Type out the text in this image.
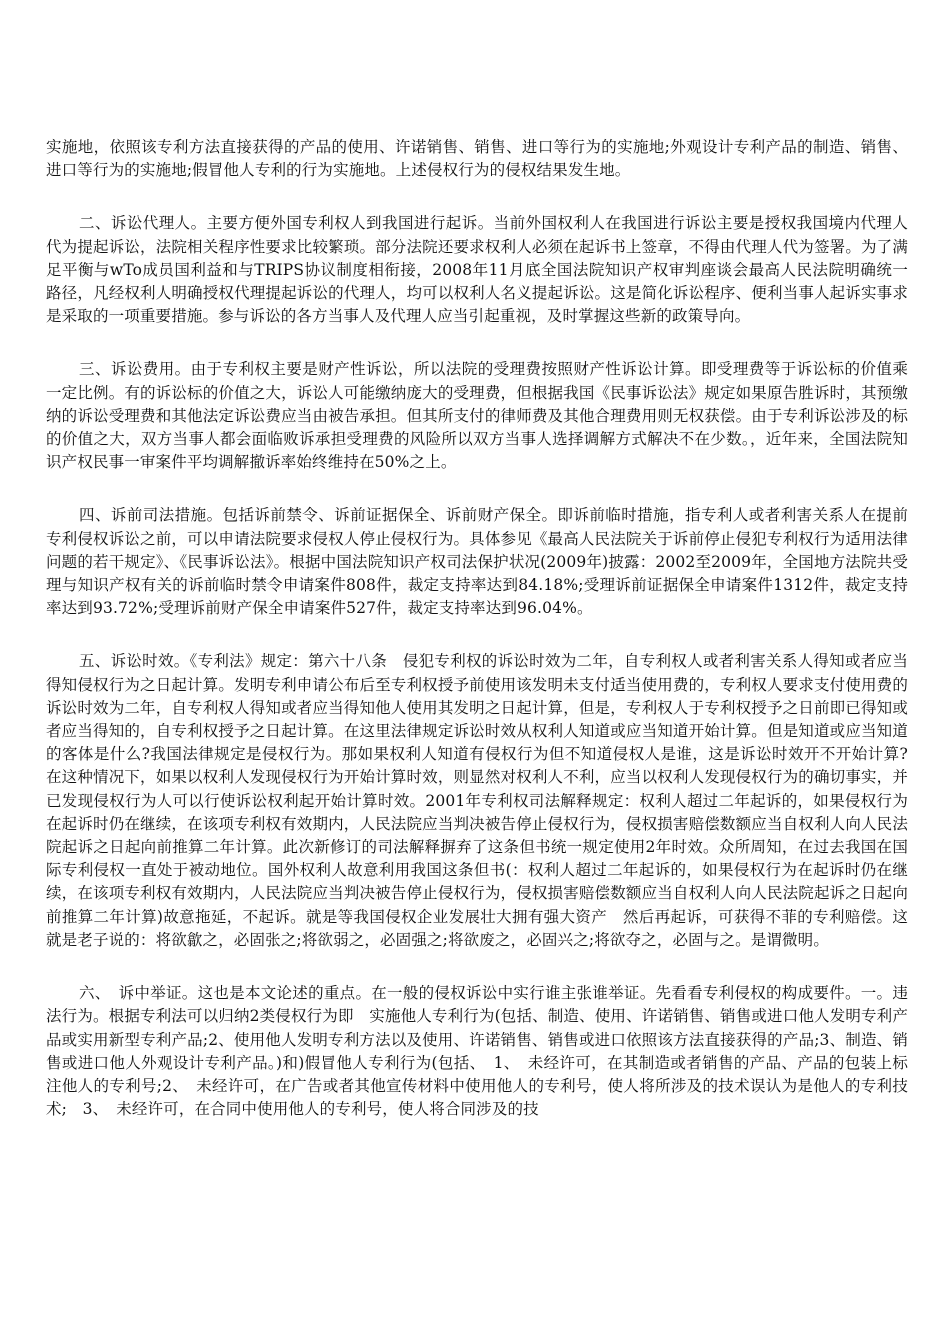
实施地，依照该专利方法直接获得的产品的使用、许诺销售、销售、进口等行为的实施地;外观设计专利产品的制造、销售、进口等行为的实施地;假冒他人专利的行为实施地。上述侵权行为的侵权结果发生地。

二、诉讼代理人。主要方便外国专利权人到我国进行起诉。当前外国权利人在我国进行诉讼主要是授权我国境内代理人代为提起诉讼，法院相关程序性要求比较繁琐。部分法院还要求权利人必须在起诉书上签章，不得由代理人代为签署。为了满足平衡与wTo成员国利益和与TRIPS协议制度相衔接，2008年11月底全国法院知识产权审判座谈会最高人民法院明确统一路径，凡经权利人明确授权代理提起诉讼的代理人，均可以权利人名义提起诉讼。这是简化诉讼程序、便利当事人起诉实事求是采取的一项重要措施。参与诉讼的各方当事人及代理人应当引起重视，及时掌握这些新的政策导向。

三、诉讼费用。由于专利权主要是财产性诉讼，所以法院的受理费按照财产性诉讼计算。即受理费等于诉讼标的价值乘一定比例。有的诉讼标的价值之大，诉讼人可能缴纳庞大的受理费，但根据我国《民事诉讼法》规定如果原告胜诉时，其预缴纳的诉讼受理费和其他法定诉讼费应当由被告承担。但其所支付的律师费及其他合理费用则无权获偿。由于专利诉讼涉及的标的价值之大，双方当事人都会面临败诉承担受理费的风险所以双方当事人选择调解方式解决不在少数。，近年来，全国法院知识产权民事一审案件平均调解撤诉率始终维持在50%之上。

四、诉前司法措施。包括诉前禁令、诉前证据保全、诉前财产保全。即诉前临时措施，指专利人或者利害关系人在提前专利侵权诉讼之前，可以申请法院要求侵权人停止侵权行为。具体参见《最高人民法院关于诉前停止侵犯专利权行为适用法律问题的若干规定》、《民事诉讼法》。根据中国法院知识产权司法保护状况(2009年)披露：2002至2009年，全国地方法院共受理与知识产权有关的诉前临时禁令申请案件808件，裁定支持率达到84.18%;受理诉前证据保全申请案件1312件，裁定支持率达到93.72%;受理诉前财产保全申请案件527件，裁定支持率达到96.04%。

五、诉讼时效。《专利法》规定：第六十八条　侵犯专利权的诉讼时效为二年，自专利权人或者利害关系人得知或者应当得知侵权行为之日起计算。发明专利申请公布后至专利权授予前使用该发明未支付适当使用费的，专利权人要求支付使用费的诉讼时效为二年，自专利权人得知或者应当得知他人使用其发明之日起计算，但是，专利权人于专利权授予之日前即已得知或者应当得知的，自专利权授予之日起计算。在这里法律规定诉讼时效从权利人知道或应当知道开始计算。但是知道或应当知道的客体是什么?我国法律规定是侵权行为。那如果权利人知道有侵权行为但不知道侵权人是谁，这是诉讼时效开不开始计算?在这种情况下，如果以权利人发现侵权行为开始计算时效，则显然对权利人不利，应当以权利人发现侵权行为的确切事实，并已发现侵权行为人可以行使诉讼权利起开始计算时效。2001年专利权司法解释规定：权利人超过二年起诉的，如果侵权行为在起诉时仍在继续，在该项专利权有效期内，人民法院应当判决被告停止侵权行为，侵权损害赔偿数额应当自权利人向人民法院起诉之日起向前推算二年计算。此次新修订的司法解释摒弃了这条但书统一规定使用2年时效。众所周知，在过去我国在国际专利侵权一直处于被动地位。国外权利人故意利用我国这条但书(：权利人超过二年起诉的，如果侵权行为在起诉时仍在继续，在该项专利权有效期内，人民法院应当判决被告停止侵权行为，侵权损害赔偿数额应当自权利人向人民法院起诉之日起向前推算二年计算)故意拖延，不起诉。就是等我国侵权企业发展壮大拥有强大资产　然后再起诉，可获得不菲的专利赔偿。这就是老子说的：将欲歙之，必固张之;将欲弱之，必固强之;将欲废之，必固兴之;将欲夺之，必固与之。是谓微明。

六、　诉中举证。这也是本文论述的重点。在一般的侵权诉讼中实行谁主张谁举证。先看看专利侵权的构成要件。一。违法行为。根据专利法可以归纳2类侵权行为即　实施他人专利行为(包括、制造、使用、许诺销售、销售或进口他人发明专利产品或实用新型专利产品;2、使用他人发明专利方法以及使用、许诺销售、销售或进口依照该方法直接获得的产品;3、制造、销售或进口他人外观设计专利产品。)和)假冒他人专利行为(包括、　1、　未经许可，在其制造或者销售的产品、产品的包装上标注他人的专利号;2、　未经许可，在广告或者其他宣传材料中使用他人的专利号，使人将所涉及的技术误认为是他人的专利技术;　3、　未经许可，在合同中使用他人的专利号，使人将合同涉及的技
